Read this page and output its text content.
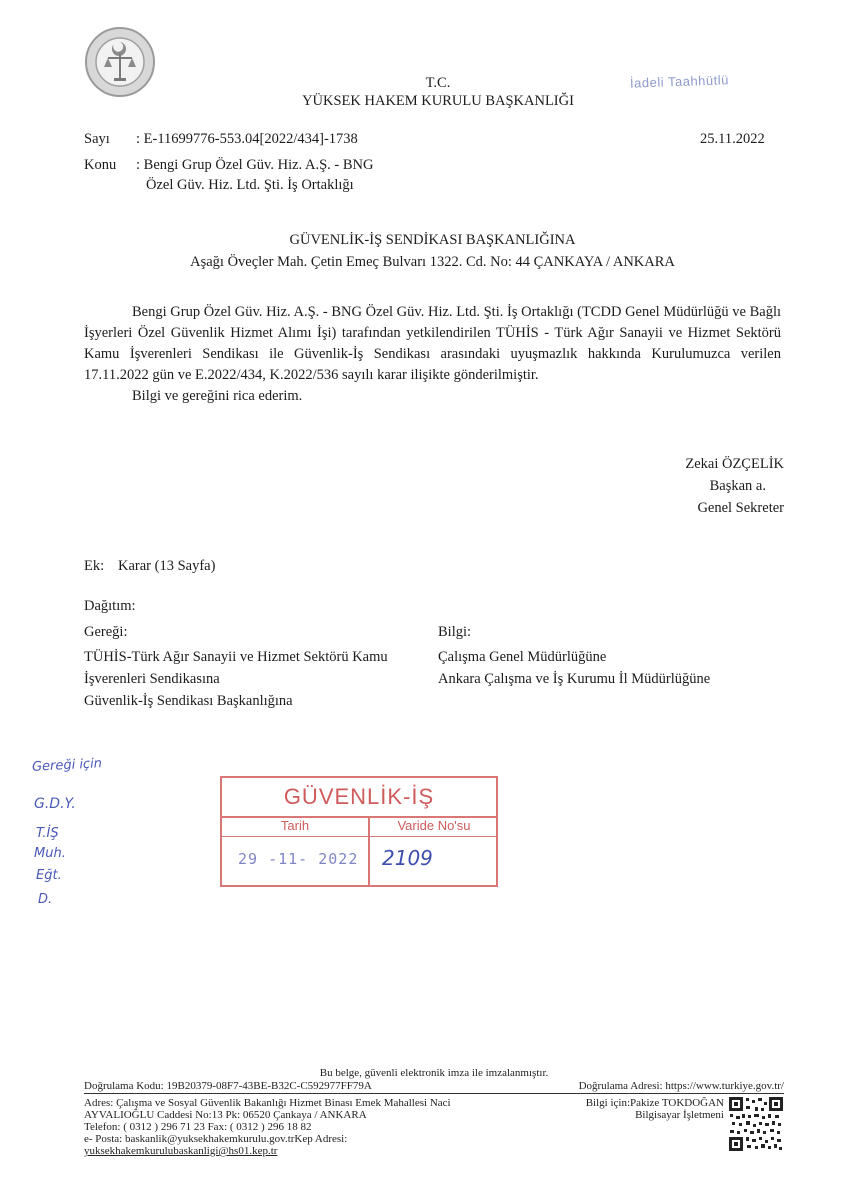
T.C.
YÜKSEK HAKEM KURULU BAŞKANLIĞI
İadeli Taahhütlü
Sayı : E-11699776-553.04[2022/434]-1738	25.11.2022
Konu : Bengi Grup Özel Güv. Hiz. A.Ş. - BNG
Özel Güv. Hiz. Ltd. Şti. İş Ortaklığı
GÜVENLİK-İŞ SENDİKASI BAŞKANLIĞINA
Aşağı Öveçler Mah. Çetin Emeç Bulvarı 1322. Cd. No: 44 ÇANKAYA / ANKARA

Bengi Grup Özel Güv. Hiz. A.Ş. - BNG Özel Güv. Hiz. Ltd. Şti. İş Ortaklığı (TCDD Genel Müdürlüğü ve Bağlı İşyerleri Özel Güvenlik Hizmet Alımı İşi) tarafından yetkilendirilen TÜHİS - Türk Ağır Sanayii ve Hizmet Sektörü Kamu İşverenleri Sendikası ile Güvenlik-İş Sendikası arasındaki uyuşmazlık hakkında Kurulumuzca verilen 17.11.2022 gün ve E.2022/434, K.2022/536 sayılı karar ilişikte gönderilmiştir.

Bilgi ve gereğini rica ederim.

Zekai ÖZÇELİK
Başkan a.
Genel Sekreter
Ek: Karar (13 Sayfa)
Dağıtım:
Gereği:
TÜHİS-Türk Ağır Sanayii ve Hizmet Sektörü Kamu
İşverenleri Sendikasına
Güvenlik-İş Sendikası Başkanlığına
Bilgi:
Çalışma Genel Müdürlüğüne
Ankara Çalışma ve İş Kurumu İl Müdürlüğüne
Gereği için
G.D.Y.
T.İŞ
Muh.
Eğt.
D.
GÜVENLİK-İŞ
Tarih	Varide No'su
29 -11- 2022 2109
Bu belge, güvenli elektronik imza ile imzalanmıştır.
Doğrulama Kodu: 19B20379-08F7-43BE-B32C-C592977FF79A	Doğrulama Adresi: https://www.turkiye.gov.tr/
Adres: Çalışma ve Sosyal Güvenlik Bakanlığı Hizmet Binası Emek Mahallesi Naci
AYVALIOĞLU Caddesi No:13 Pk: 06520 Çankaya / ANKARA
Telefon: ( 0312 ) 296 71 23 Fax: ( 0312 ) 296 18 82
e- Posta: baskanlik@yuksekhakemkurulu.gov.trKep Adresi:
yuksekhakemkurulubaskanligi@hs01.kep.tr
Bilgi için:Pakize TOKDOĞAN
Bilgisayar İşletmeni
